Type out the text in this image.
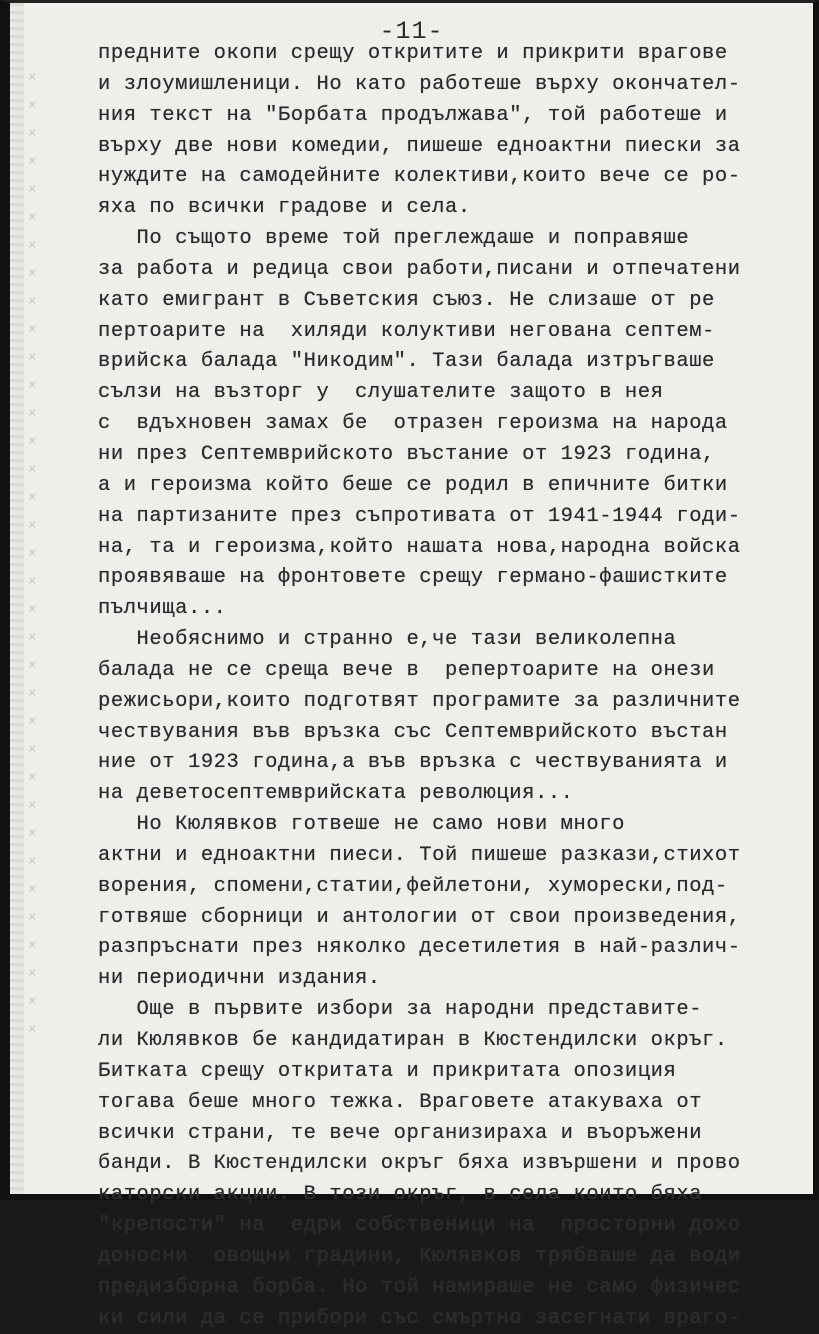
×
×
×
×
×
×
×
×
×
×
×
×
×
×
×
×
×
×
×
×
×
×
×
×
×
×
×
×
×
×
×
×
×
×
×
-11-
предните окопи срещу откритите и прикрити врагове
и злоумишленици. Но като работеше върху окончател-
ния текст на "Борбата продължава", той работеше и
върху две нови комедии, пишеше едноактни пиески за
нуждите на самодейните колективи,които вече се ро-
яха по всички градове и села.
По същото време той преглеждаше и поправяше
за работа и редица свои работи,писани и отпечатени
като емигрант в Съветския съюз. Не слизаше от ре
пертоарите на  хиляди колуктиви негована септем-
врийска балада "Никодим". Тази балада изтръгваше
сълзи на възторг у  слушателите защото в нея
с  вдъхновен замах бе  отразен героизма на народа
ни през Септемврийското въстание от 1923 година,
а и героизма който беше се родил в епичните битки
на партизаните през съпротивата от 1941-1944 годи-
на, та и героизма,който нашата нова,народна войска
проявяваше на фронтовете срещу германо-фашистките
пълчища...
Необяснимо и странно е,че тази великолепна
балада не се среща вече в  репертоарите на онези
режисьори,които подготвят програмите за различните
чествувания във връзка със Септемврийското въстан
ние от 1923 година,а във връзка с чествуванията и
на деветосептемврийската революция...
Но Кюлявков готвеше не само нови много
актни и едноактни пиеси. Той пишеше разкази,стихот
ворения, спомени,статии,фейлетони, хуморески,под-
готвяше сборници и антологии от свои произведения,
разпръснати през няколко десетилетия в най-различ-
ни периодични издания.
Още в първите избори за народни представите-
ли Кюлявков бе кандидатиран в Кюстендилски окръг.
Битката срещу откритата и прикритата опозиция
тогава беше много тежка. Враговете атакуваха от
всички страни, те вече организираха и въоръжени
банди. В Кюстендилски окръг бяха извършени и прово
каторски акции. В този окръг, в села които бяха
"крепости" на  едри собственици на  просторни дохо
доносни  овощни градини, Кюлявков трябваше да води
предизборна борба. Но той намираше не само физичес
ки сили да се прибори със смъртно засегнати враго-
